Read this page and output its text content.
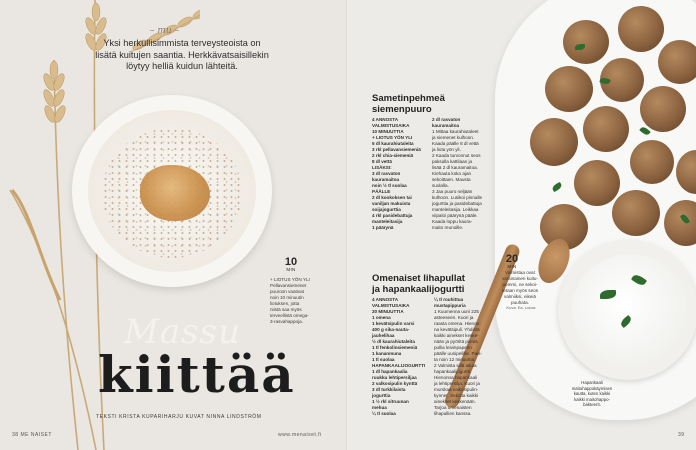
– mu –

Yksi herkullisimmista terveysteoista on lisätä kuitujen saantia. Herkkävatsaisillekin löytyy helliä kuidun lähteitä.

10
MIN
+ LIOTUS YÖN YLI
Pellavansiemenet
puuroon vaativat
noin 10 minuutin
liotuksen, jotta
niistä saa myös
terveellistä omega-
3-rasvahappoja.

Massu

kiittää

TEKSTI KRISTA KUPARIHARJU KUVAT NINNA LINDSTRÖM

38 ME NAISET	www.menaiset.fi
Sametinpehmeä
siemenpuuro
4 ANNOSTA
VALMISTUSAIKA
10 MINUUTTIA
+ LIOTUS YÖN YLI
5 dl kaurahiutaleita
3 rkl pellavansiemeniä
2 rkl chia-siemeniä
8 dl vettä
LISÄKSI:
3 dl rasvaton
kauramaitoa
noin ½ tl suolaa
PÄÄLLE
2 dl kookoksen tai
vaniljan makuista
soijajogurttia
4 rkl pasidebattuja
manteleitasija
1 päärynä
2 dl rasvaton
kauramaitoa
1 Mittaa kaurahiutaleet
ja siemenet kulhoon.
Kaada päälle 8 dl vettä
ja liota yön yli.
2 Kaada turvonnut seos
paksulla kattilaan ja
lisää 2 dl kauramaitoa.
Kiehauta koko ajan
sekoittaen. Mausta
suolalla.
3 Jaa puuro neljään
kulhoon. Lusikoi pinnalle
jogurttia ja pasidebattuja
manteleitasija. Leikkaa
viipaloi päärynä pääle.
Kaada loppu kaura-
maito reunoille.
Omenaiset lihapullat
ja hapankaalijogurtti
4 ANNOSTA
VALMISTUSAIKA
20 MINUUTTIA
1 omena
1 kevätsipulin varsi
400 g sika-nauta-
jauhelihaa
½ dl kaurahiutaleita
1 tl fenkolinsiemeniä
1 kananmuna
1 tl suolaa
HAPANKAALIJOGURTTI
1 dl hapankaalia
ruukku lehtipersiljaa
2 valkosipulin kynttä
3 dl turkkilaista
jogurttia
1 ½ rkl sitruunan
mehua
¼ tl suolaa
¼ tl rouhittua
mustapippuria
1 Kuumenna uuni 225
asteeseen. Kuori ja
raasta omena. Hienon-
na kevätsipuli. Yhdistä
kaikki ainekset keske-
nään ja pyöritä pieniä
pullia leivinpaperin
päälle uunipellille. Pais-
ta noin 12 minuuttia.
2 Valmista sillä aikaa
hapankaalijogurtti.
Hienonna hapankaali
ja lehtipersilja. Kuori ja
murskaa valkosipulin-
kynnet. Sekoita kaikki
ainekset keskenään.
Tarjoa omenaisten
lihapullien kanssa.
20
MIN
Valmistaa ovat
varsinainen kuitu-
pommi, ne sekoi-
tetaan myös seos
valmiiksi, eikeiä
puuhata.
Kuva: Ea. Lukas
Hapankaali
maitohappokäymisen
kautta, kuten kaikki
kaikki maitohappo-
bakteerit.
39
